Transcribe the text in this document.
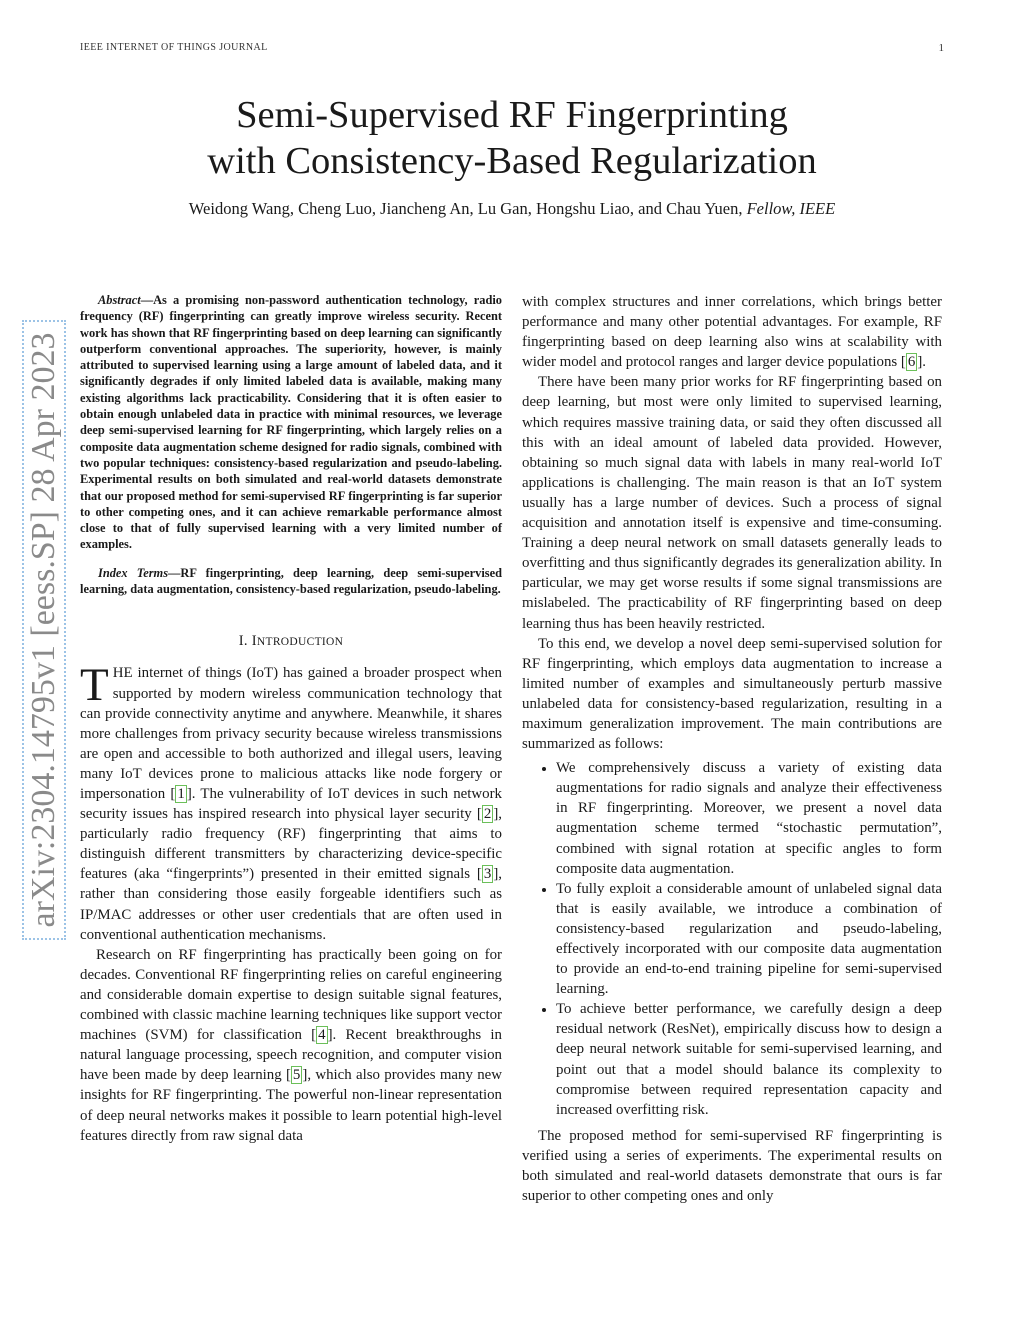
IEEE INTERNET OF THINGS JOURNAL	1
arXiv:2304.14795v1 [eess.SP] 28 Apr 2023
Semi-Supervised RF Fingerprinting
with Consistency-Based Regularization
Weidong Wang, Cheng Luo, Jiancheng An, Lu Gan, Hongshu Liao, and Chau Yuen, Fellow, IEEE

Abstract—As a promising non-password authentication technology, radio frequency (RF) fingerprinting can greatly improve wireless security. Recent work has shown that RF fingerprinting based on deep learning can significantly outperform conventional approaches. The superiority, however, is mainly attributed to supervised learning using a large amount of labeled data, and it significantly degrades if only limited labeled data is available, making many existing algorithms lack practicability. Considering that it is often easier to obtain enough unlabeled data in practice with minimal resources, we leverage deep semi-supervised learning for RF fingerprinting, which largely relies on a composite data augmentation scheme designed for radio signals, combined with two popular techniques: consistency-based regularization and pseudo-labeling. Experimental results on both simulated and real-world datasets demonstrate that our proposed method for semi-supervised RF fingerprinting is far superior to other competing ones, and it can achieve remarkable performance almost close to that of fully supervised learning with a very limited number of examples.

Index Terms—RF fingerprinting, deep learning, deep semi-supervised learning, data augmentation, consistency-based regularization, pseudo-labeling.

I. INTRODUCTION

THE internet of things (IoT) has gained a broader prospect when supported by modern wireless communication technology that can provide connectivity anytime and anywhere. Meanwhile, it shares more challenges from privacy security because wireless transmissions are open and accessible to both authorized and illegal users, leaving many IoT devices prone to malicious attacks like node forgery or impersonation [ 1 ]. The vulnerability of IoT devices in such network security issues has inspired research into physical layer security [ 2 ], particularly radio frequency (RF) fingerprinting that aims to distinguish different transmitters by characterizing device-specific features (aka “fingerprints”) presented in their emitted signals [ 3 ], rather than considering those easily forgeable identifiers such as IP/MAC addresses or other user credentials that are often used in conventional authentication mechanisms.

Research on RF fingerprinting has practically been going on for decades. Conventional RF fingerprinting relies on careful engineering and considerable domain expertise to design suitable signal features, combined with classic machine learning techniques like support vector machines (SVM) for classification [ 4 ]. Recent breakthroughs in natural language processing, speech recognition, and computer vision have been made by deep learning [ 5 ], which also provides many new insights for RF fingerprinting. The powerful non-linear representation of deep neural networks makes it possible to learn potential high-level features directly from raw signal data

with complex structures and inner correlations, which brings better performance and many other potential advantages. For example, RF fingerprinting based on deep learning also wins at scalability with wider model and protocol ranges and larger device populations [ 6 ].

There have been many prior works for RF fingerprinting based on deep learning, but most were only limited to supervised learning, which requires massive training data, or said they often discussed all this with an ideal amount of labeled data provided. However, obtaining so much signal data with labels in many real-world IoT applications is challenging. The main reason is that an IoT system usually has a large number of devices. Such a process of signal acquisition and annotation itself is expensive and time-consuming. Training a deep neural network on small datasets generally leads to overfitting and thus significantly degrades its generalization ability. In particular, we may get worse results if some signal transmissions are mislabeled. The practicability of RF fingerprinting based on deep learning thus has been heavily restricted.

To this end, we develop a novel deep semi-supervised solution for RF fingerprinting, which employs data augmentation to increase a limited number of examples and simultaneously perturb massive unlabeled data for consistency-based regularization, resulting in a maximum generalization improvement. The main contributions are summarized as follows:

• We comprehensively discuss a variety of existing data augmentations for radio signals and analyze their effectiveness in RF fingerprinting. Moreover, we present a novel data augmentation scheme termed “stochastic permutation”, combined with signal rotation at specific angles to form composite data augmentation.
• To fully exploit a considerable amount of unlabeled signal data that is easily available, we introduce a combination of consistency-based regularization and pseudo-labeling, effectively incorporated with our composite data augmentation to provide an end-to-end training pipeline for semi-supervised learning.
• To achieve better performance, we carefully design a deep residual network (ResNet), empirically discuss how to design a deep neural network suitable for semi-supervised learning, and point out that a model should balance its complexity to compromise between required representation capacity and increased overfitting risk.

The proposed method for semi-supervised RF fingerprinting is verified using a series of experiments. The experimental results on both simulated and real-world datasets demonstrate that ours is far superior to other competing ones and only
